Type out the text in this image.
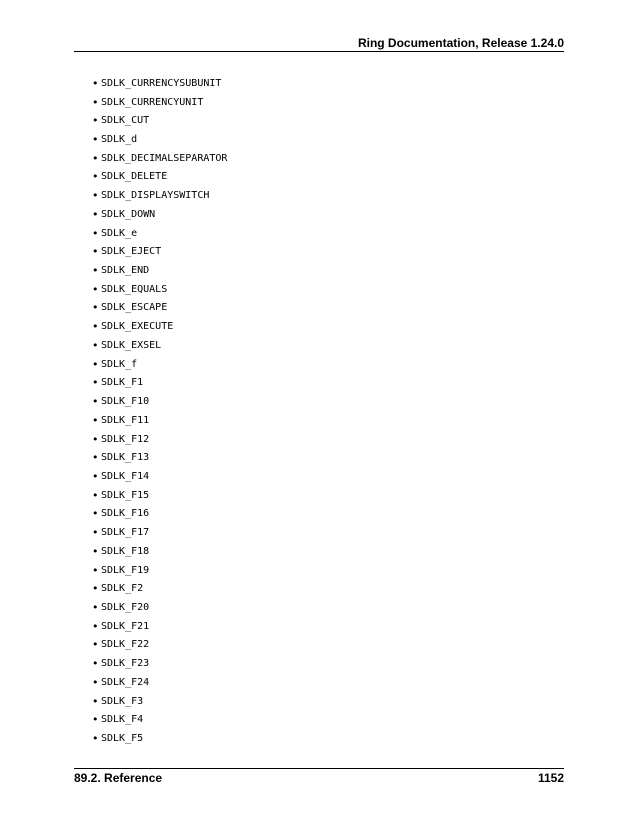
Ring Documentation, Release 1.24.0
• SDLK_CURRENCYSUBUNIT
• SDLK_CURRENCYUNIT
• SDLK_CUT
• SDLK_d
• SDLK_DECIMALSEPARATOR
• SDLK_DELETE
• SDLK_DISPLAYSWITCH
• SDLK_DOWN
• SDLK_e
• SDLK_EJECT
• SDLK_END
• SDLK_EQUALS
• SDLK_ESCAPE
• SDLK_EXECUTE
• SDLK_EXSEL
• SDLK_f
• SDLK_F1
• SDLK_F10
• SDLK_F11
• SDLK_F12
• SDLK_F13
• SDLK_F14
• SDLK_F15
• SDLK_F16
• SDLK_F17
• SDLK_F18
• SDLK_F19
• SDLK_F2
• SDLK_F20
• SDLK_F21
• SDLK_F22
• SDLK_F23
• SDLK_F24
• SDLK_F3
• SDLK_F4
• SDLK_F5
89.2. Reference	1152
